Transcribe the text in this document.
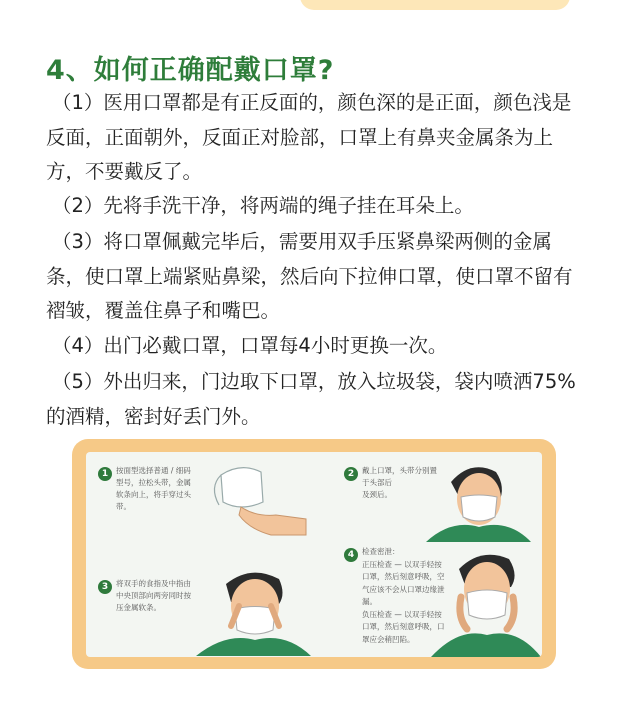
4、如何正确配戴口罩?
（1）医用口罩都是有正反面的，颜色深的是正面，颜色浅是
反面，正面朝外，反面正对脸部，口罩上有鼻夹金属条为上
方，不要戴反了。
（2）先将手洗干净，将两端的绳子挂在耳朵上。
（3）将口罩佩戴完毕后，需要用双手压紧鼻梁两侧的金属
条，使口罩上端紧贴鼻梁，然后向下拉伸口罩，使口罩不留有
褶皱，覆盖住鼻子和嘴巴。
（4）出门必戴口罩，口罩每4小时更换一次。
（5）外出归来，门边取下口罩，放入垃圾袋，袋内喷洒75%
的酒精，密封好丢门外。
1	按面型选择普通 / 细码
型号，拉松头带，金属
软条向上，将手穿过头
带。
2	戴上口罩，头带分别置于头部后
及颈后。
3	将双手的食指及中指由
中央顶部向两旁同时按
压金属软条。
4	检查密泄：
正压检查 — 以双手轻按
口罩，然后刻意呼吸，空
气应该不会从口罩边缘泄
漏。
负压检查 — 以双手轻按
口罩，然后刻意呼吸，口
罩应会稍凹陷。
